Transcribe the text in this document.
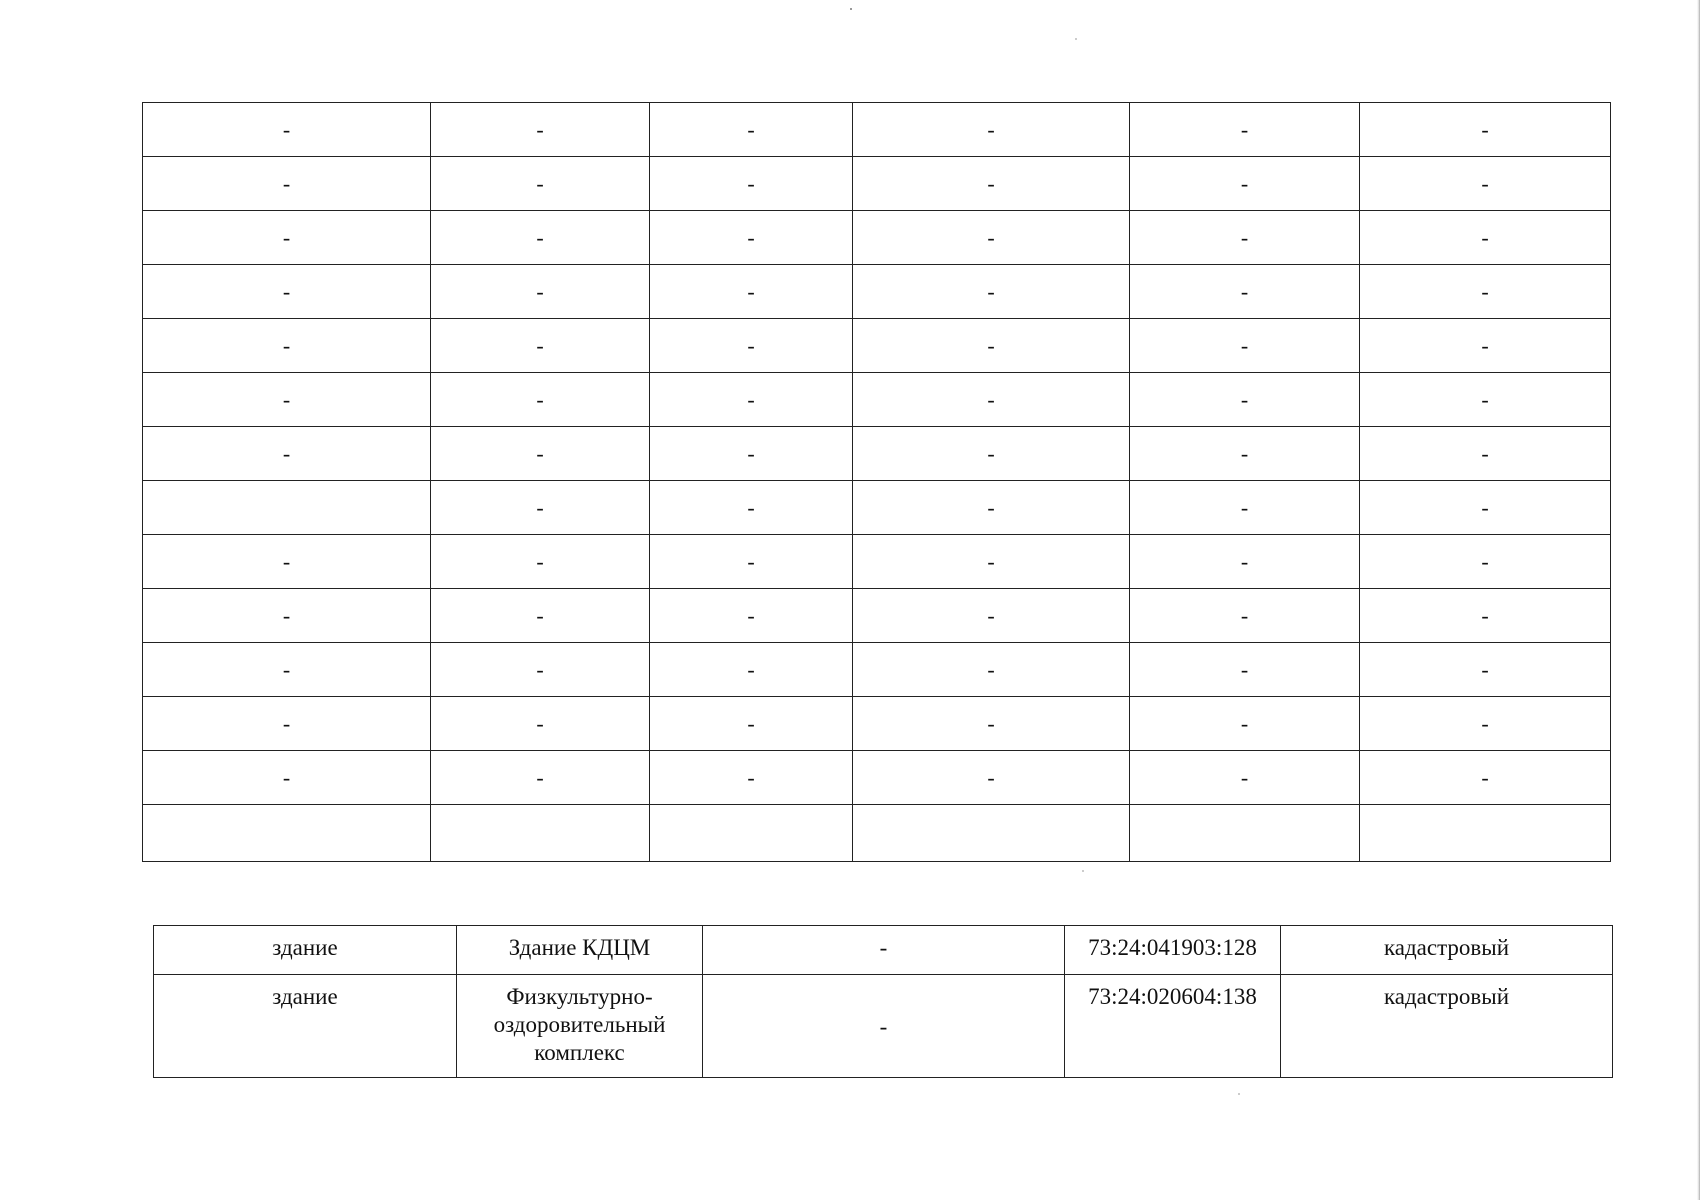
-	-	-	-	-	-
-	-	-	-	-	-
-	-	-	-	-	-
-	-	-	-	-	-
-	-	-	-	-	-
-	-	-	-	-	-
-	-	-	-	-	-
	-	-	-	-	-
-	-	-	-	-	-
-	-	-	-	-	-
-	-	-	-	-	-
-	-	-	-	-	-
-	-	-	-	-	-

здание	Здание КДЦМ	-	73:24:041903:128	кадастровый
здание	Физкультурно-оздоровительный комплекс	-	73:24:020604:138	кадастровый
